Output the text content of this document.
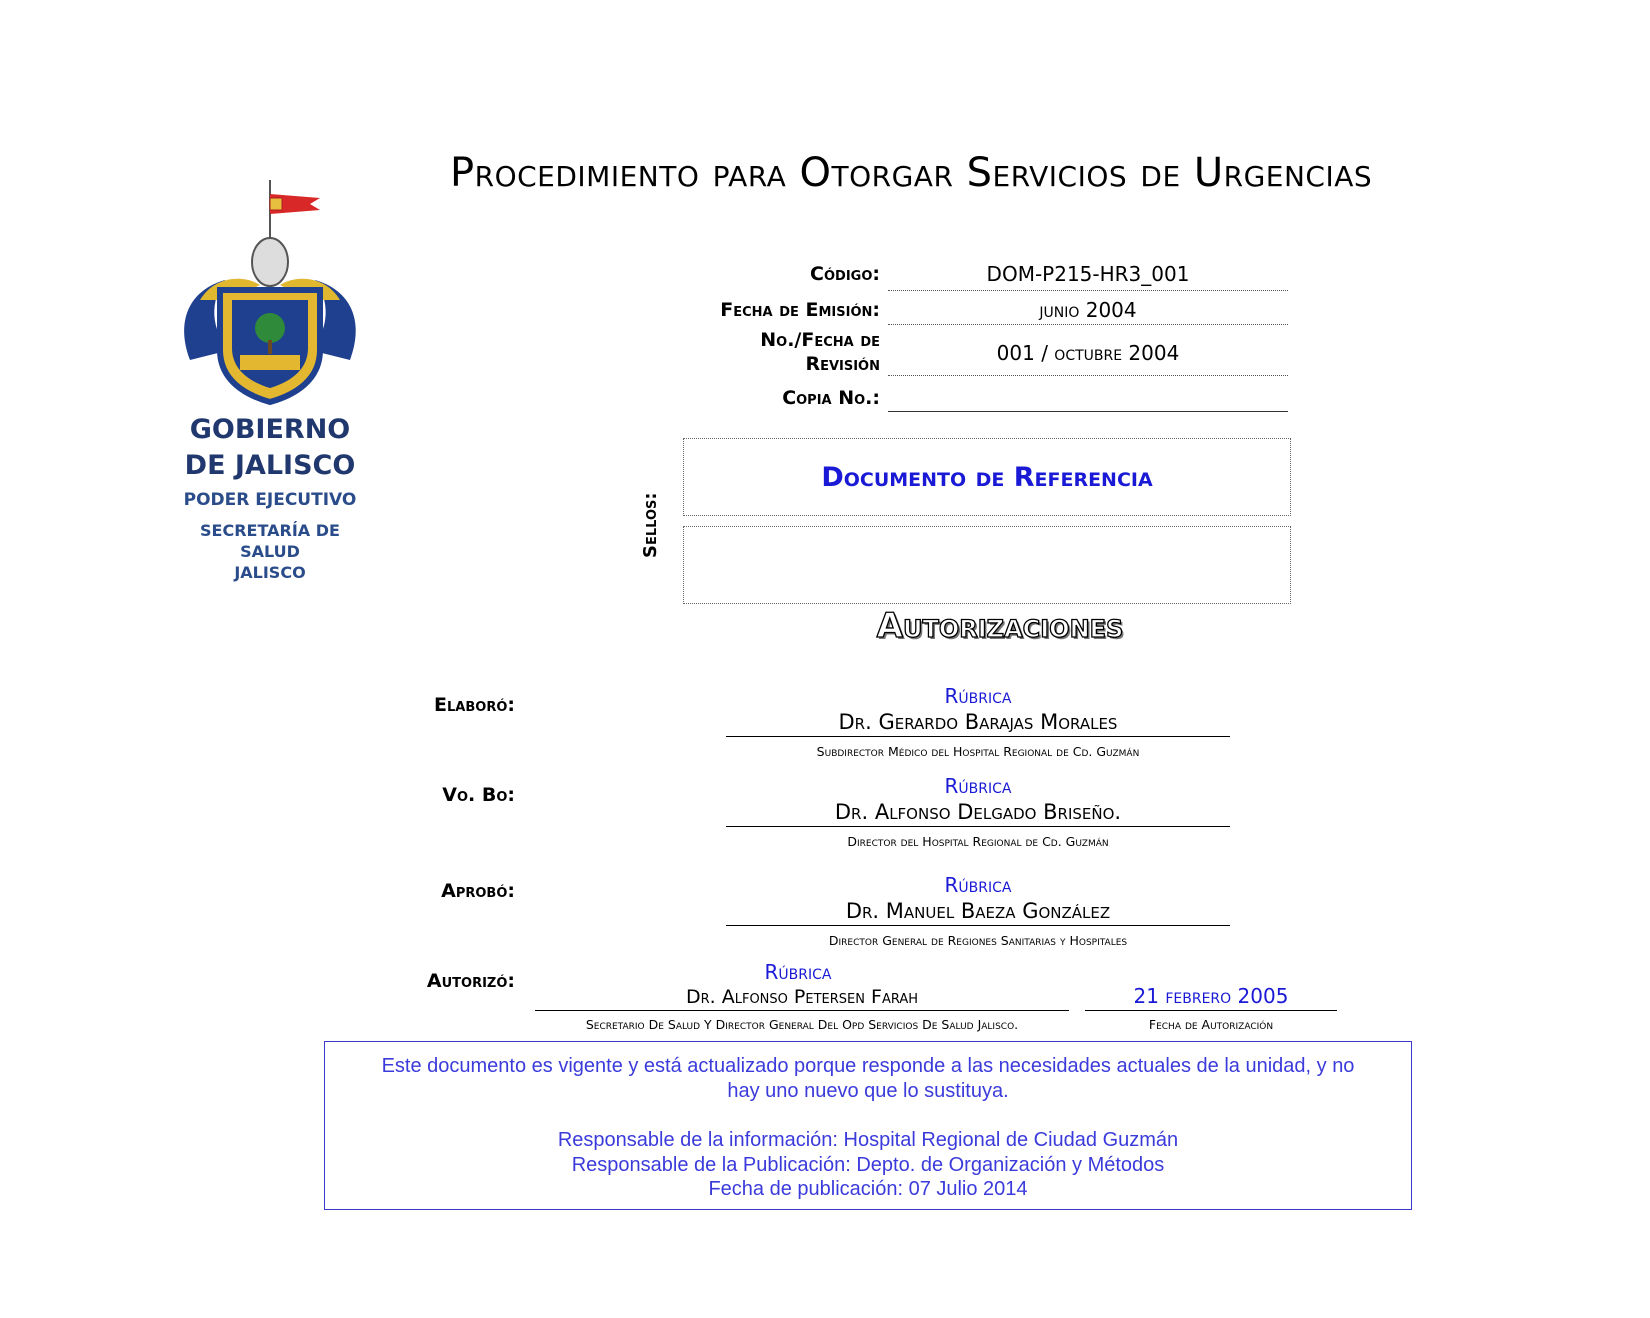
Procedimiento para Otorgar Servicios de Urgencias
GOBIERNO
DE JALISCO
PODER EJECUTIVO
SECRETARÍA DE
SALUD
JALISCO
Código:	DOM-P215-HR3_001
Fecha de Emisión:	junio 2004
No./Fecha de
Revisión	001 / octubre 2004
Copia No.:
Sellos:
Documento de Referencia
Autorizaciones
Elaboró:	Rúbrica
Dr. Gerardo Barajas Morales
Subdirector Médico del Hospital Regional de Cd. Guzmán
Vo. Bo:	Rúbrica
Dr. Alfonso Delgado Briseño.
Director del Hospital Regional de Cd. Guzmán
Aprobó:	Rúbrica
Dr. Manuel Baeza González
Director General de Regiones Sanitarias y Hospitales
Autorizó:	Rúbrica
Dr. Alfonso Petersen Farah
Secretario De Salud Y Director General Del Opd Servicios De Salud Jalisco.
21 febrero 2005
Fecha de Autorización
Este documento es vigente y está actualizado porque responde a las necesidades actuales de la unidad, y no
hay uno nuevo que lo sustituya.
Responsable de la información: Hospital Regional de Ciudad Guzmán
Responsable de la Publicación: Depto. de Organización y Métodos
Fecha de publicación: 07 Julio 2014
